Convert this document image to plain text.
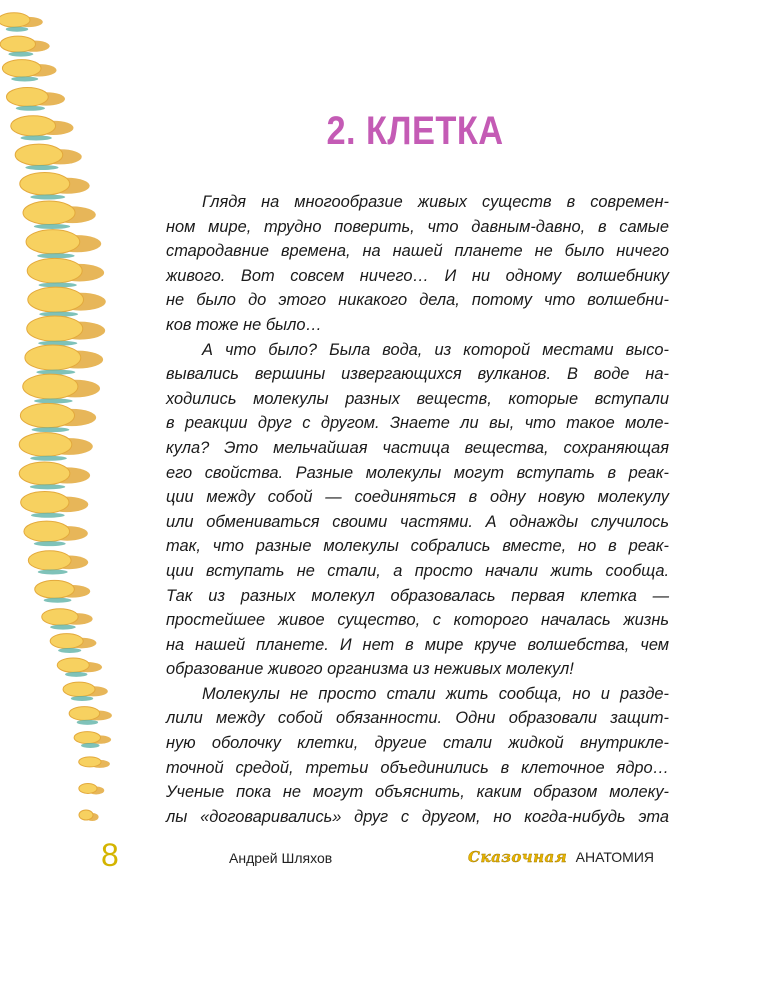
2. КЛЕТКА
Глядя на многообразие живых существ в современ-
ном мире, трудно поверить, что давным-давно, в самые
стародавние времена, на нашей планете не было ничего
живого. Вот совсем ничего… И ни одному волшебнику
не было до этого никакого дела, потому что волшебни-
ков тоже не было…
А что было? Была вода, из которой местами высо-
вывались вершины извергающихся вулканов. В воде на-
ходились молекулы разных веществ, которые вступали
в реакции друг с другом. Знаете ли вы, что такое моле-
кула? Это мельчайшая частица вещества, сохраняющая
его свойства. Разные молекулы могут вступать в реак-
ции между собой — соединяться в одну новую молекулу
или обмениваться своими частями. А однажды случилось
так, что разные молекулы собрались вместе, но в реак-
ции вступать не стали, а просто начали жить сообща.
Так из разных молекул образовалась первая клетка —
простейшее живое существо, с которого началась жизнь
на нашей планете. И нет в мире круче волшебства, чем
образование живого организма из неживых молекул!
Молекулы не просто стали жить сообща, но и разде-
лили между собой обязанности. Одни образовали защит-
ную оболочку клетки, другие стали жидкой внутрикле-
точной средой, третьи объединились в клеточное ядро…
Ученые пока не могут объяснить, каким образом молеку-
лы «договаривались» друг с другом, но когда-нибудь эта
8	Андрей Шляхов	Сказочная АНАТОМИЯ
